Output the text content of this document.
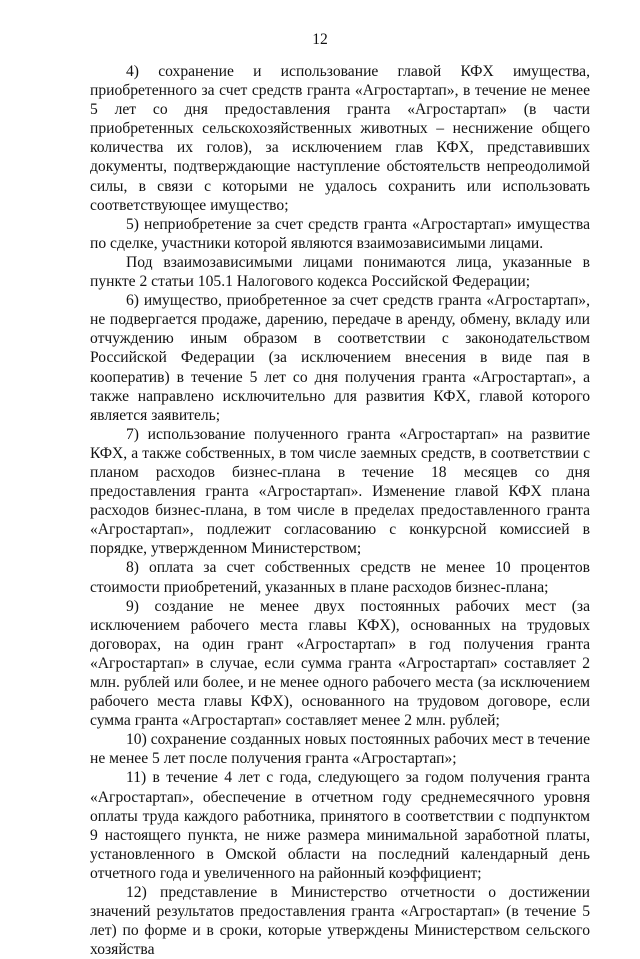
12

4) сохранение и использование главой КФХ имущества, приобретенного за счет средств гранта «Агростартап», в течение не менее 5 лет со дня предоставления гранта «Агростартап» (в части приобретенных сельскохозяйственных животных – неснижение общего количества их голов), за исключением глав КФХ, представивших документы, подтверждающие наступление обстоятельств непреодолимой силы, в связи с которыми не удалось сохранить или использовать соответствующее имущество;

5) неприобретение за счет средств гранта «Агростартап» имущества по сделке, участники которой являются взаимозависимыми лицами.

Под взаимозависимыми лицами понимаются лица, указанные в пункте 2 статьи 105.1 Налогового кодекса Российской Федерации;

6) имущество, приобретенное за счет средств гранта «Агростартап», не подвергается продаже, дарению, передаче в аренду, обмену, вкладу или отчуждению иным образом в соответствии с законодательством Российской Федерации (за исключением внесения в виде пая в кооператив) в течение 5 лет со дня получения гранта «Агростартап», а также направлено исключительно для развития КФХ, главой которого является заявитель;

7) использование полученного гранта «Агростартап» на развитие КФХ, а также собственных, в том числе заемных средств, в соответствии с планом расходов бизнес-плана в течение 18 месяцев со дня предоставления гранта «Агростартап». Изменение главой КФХ плана расходов бизнес-плана, в том числе в пределах предоставленного гранта «Агростартап», подлежит согласованию с конкурсной комиссией в порядке, утвержденном Министерством;

8) оплата за счет собственных средств не менее 10 процентов стоимости приобретений, указанных в плане расходов бизнес-плана;

9) создание не менее двух постоянных рабочих мест (за исключением рабочего места главы КФХ), основанных на трудовых договорах, на один грант «Агростартап» в год получения гранта «Агростартап» в случае, если сумма гранта «Агростартап» составляет 2 млн. рублей или более, и не менее одного рабочего места (за исключением рабочего места главы КФХ), основанного на трудовом договоре, если сумма гранта «Агростартап» составляет менее 2 млн. рублей;

10) сохранение созданных новых постоянных рабочих мест в течение не менее 5 лет после получения гранта «Агростартап»;

11) в течение 4 лет с года, следующего за годом получения гранта «Агростартап», обеспечение в отчетном году среднемесячного уровня оплаты труда каждого работника, принятого в соответствии с подпунктом 9 настоящего пункта, не ниже размера минимальной заработной платы, установленного в Омской области на последний календарный день отчетного года и увеличенного на районный коэффициент;

12) представление в Министерство отчетности о достижении значений результатов предоставления гранта «Агростартап» (в течение 5 лет) по форме и в сроки, которые утверждены Министерством сельского хозяйства
